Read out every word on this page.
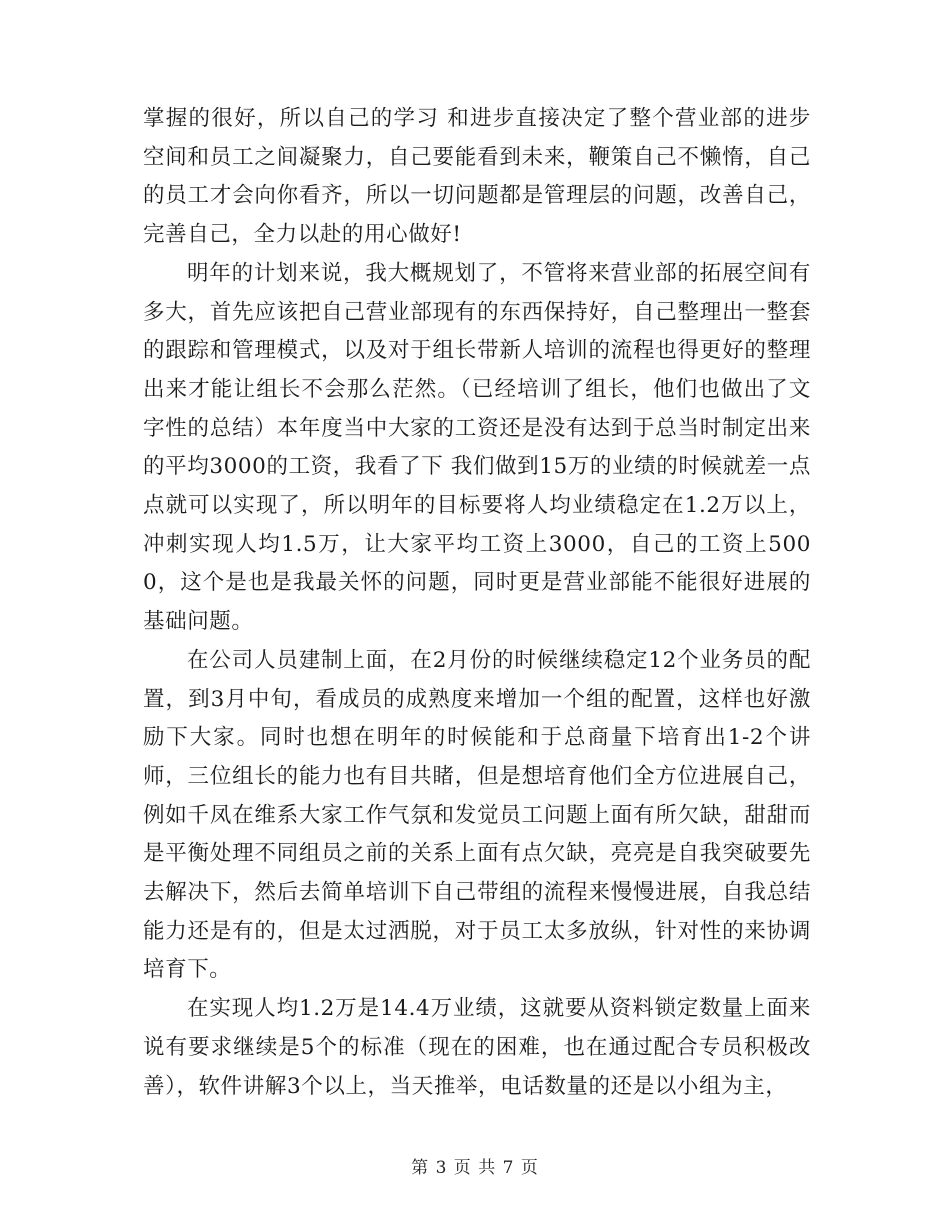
掌握的很好，所以自己的学习 和进步直接决定了整个营业部的进步空间和员工之间凝聚力，自己要能看到未来，鞭策自己不懒惰，自己的员工才会向你看齐，所以一切问题都是管理层的问题，改善自己，完善自己，全力以赴的用心做好!

明年的计划来说，我大概规划了，不管将来营业部的拓展空间有多大，首先应该把自己营业部现有的东西保持好，自己整理出一整套的跟踪和管理模式，以及对于组长带新人培训的流程也得更好的整理出来才能让组长不会那么茫然。（已经培训了组长，他们也做出了文字性的总结）本年度当中大家的工资还是没有达到于总当时制定出来的平均3000的工资，我看了下 我们做到15万的业绩的时候就差一点点就可以实现了，所以明年的目标要将人均业绩稳定在1.2万以上，冲刺实现人均1.5万，让大家平均工资上3000，自己的工资上5000，这个是也是我最关怀的问题，同时更是营业部能不能很好进展的基础问题。

在公司人员建制上面，在2月份的时候继续稳定12个业务员的配置，到3月中旬，看成员的成熟度来增加一个组的配置，这样也好激励下大家。同时也想在明年的时候能和于总商量下培育出1-2个讲师，三位组长的能力也有目共睹，但是想培育他们全方位进展自己，例如千凤在维系大家工作气氛和发觉员工问题上面有所欠缺，甜甜而是平衡处理不同组员之前的关系上面有点欠缺，亮亮是自我突破要先去解决下，然后去简单培训下自己带组的流程来慢慢进展，自我总结能力还是有的，但是太过洒脱，对于员工太多放纵，针对性的来协调培育下。

在实现人均1.2万是14.4万业绩，这就要从资料锁定数量上面来说有要求继续是5个的标准（现在的困难，也在通过配合专员积极改善），软件讲解3个以上，当天推举，电话数量的还是以小组为主，

第 3 页 共 7 页
